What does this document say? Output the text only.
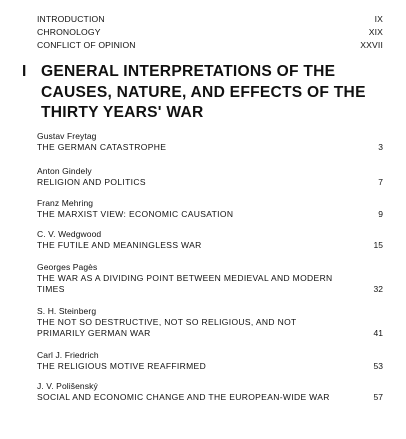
INTRODUCTION	IX
CHRONOLOGY	XIX
CONFLICT OF OPINION	XXVII
I GENERAL INTERPRETATIONS OF THE CAUSES, NATURE, AND EFFECTS OF THE THIRTY YEARS' WAR
Gustav Freytag
THE GERMAN CATASTROPHE	3
Anton Gindely
RELIGION AND POLITICS	7
Franz Mehring
THE MARXIST VIEW: ECONOMIC CAUSATION	9
C. V. Wedgwood
THE FUTILE AND MEANINGLESS WAR	15
Georges Pagès
THE WAR AS A DIVIDING POINT BETWEEN MEDIEVAL AND MODERN TIMES	32
S. H. Steinberg
THE NOT SO DESTRUCTIVE, NOT SO RELIGIOUS, AND NOT PRIMARILY GERMAN WAR	41
Carl J. Friedrich
THE RELIGIOUS MOTIVE REAFFIRMED	53
J. V. Polišenský
SOCIAL AND ECONOMIC CHANGE AND THE EUROPEAN-WIDE WAR	57
